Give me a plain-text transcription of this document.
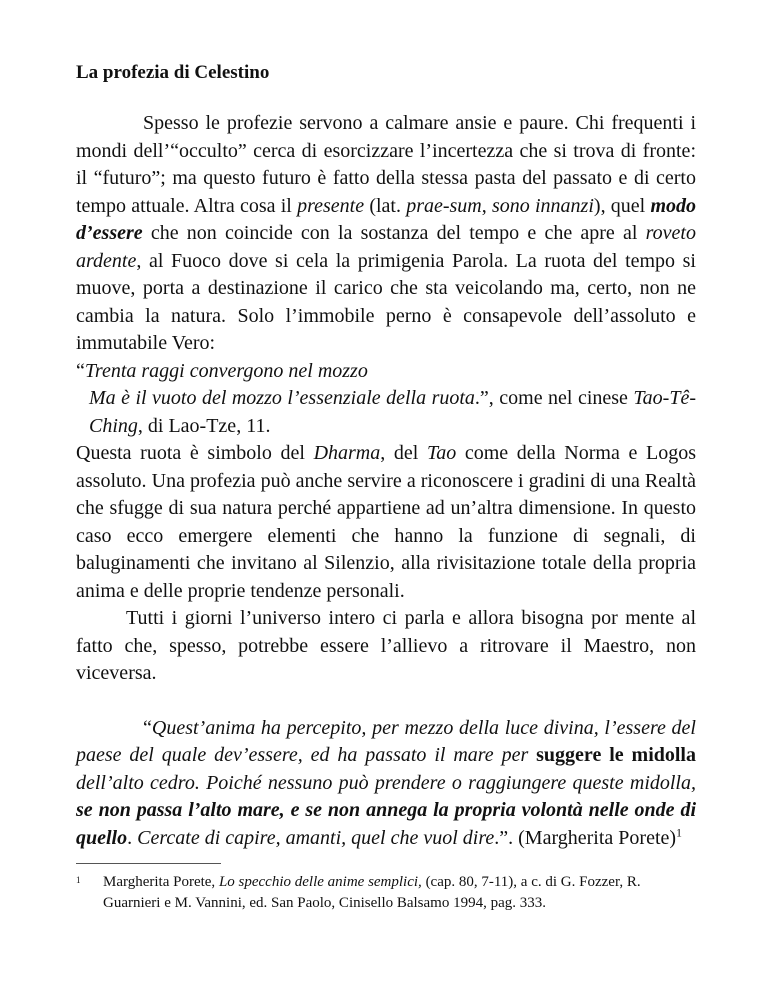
La profezia di Celestino

Spesso le profezie servono a calmare ansie e paure. Chi frequenti i mondi dell’“occulto” cerca di esorcizzare l’incertezza che si trova di fronte: il “futuro”; ma questo futuro è fatto della stessa pasta del passato e di certo tempo attuale. Altra cosa il presente (lat. prae-sum, sono innanzi), quel modo d’essere che non coincide con la sostanza del tempo e che apre al roveto ardente, al Fuoco dove si cela la primigenia Parola. La ruota del tempo si muove, porta a destinazione il carico che sta veicolando ma, certo, non ne cambia la natura. Solo l’immobile perno è consapevole dell’assoluto e immutabile Vero:

“Trenta raggi convergono nel mozzo

Ma è il vuoto del mozzo l’essenziale della ruota.”, come nel cinese Tao-Tê-Ching, di Lao-Tze, 11.

Questa ruota è simbolo del Dharma, del Tao come della Norma e Logos assoluto. Una profezia può anche servire a riconoscere i gradini di una Realtà che sfugge di sua natura perché appartiene ad un’altra dimensione. In questo caso ecco emergere elementi che hanno la funzione di segnali, di baluginamenti che invitano al Silenzio, alla rivisitazione totale della propria anima e delle proprie tendenze personali.

Tutti i giorni l’universo intero ci parla e allora bisogna por mente al fatto che, spesso, potrebbe essere l’allievo a ritrovare il Maestro, non viceversa.

“Quest’anima ha percepito, per mezzo della luce divina, l’essere del paese del quale dev’essere, ed ha passato il mare per suggere le midolla dell’alto cedro. Poiché nessuno può prendere o raggiungere queste midolla, se non passa l’alto mare, e se non annega la propria volontà nelle onde di quello. Cercate di capire, amanti, quel che vuol dire.”. (Margherita Porete)$^1$

1 Margherita Porete, Lo specchio delle anime semplici, (cap. 80, 7-11), a c. di G. Fozzer, R. Guarnieri e M. Vannini, ed. San Paolo, Cinisello Balsamo 1994, pag. 333.
